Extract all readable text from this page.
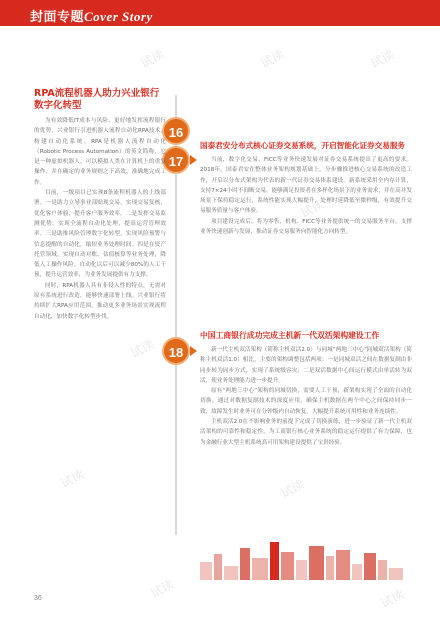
封面专题Cover Story
试读	试读	试读
试读	试读
试读	试读
试读	试读
试读	试读
16
17
18
RPA流程机器人助力兴业银行数字化转型

为有效降低IT成本与风险、更好地发挥流程银行的优势，兴业银行引进机器人流程自动化RPA技术，构建自动化系统。RPA是机器人流程自动化（Robotic Process Automation）的英文简称，它是一种虚拟机器人，可以模拟人类在计算机上的重复操作，并在确定的业务规则之下高效、准确地完成工作。

目前，一级项目已实现8条流程机器人的上线部署。一是助力立导事业部贴现交易，实现交易复核、优化客户体验，提升客户服务效率。二是发挥交易监测优势，实现全流程自动化处理，提高运营管理效率。三是助推风险管理数字化转型，实现风险预警与信息提醒的自动化，缩短业务处理时间。四是在资产托管领域，实现自动对账、估值核算等业务处理，降低人工操作风险。自动化以后可以减少80%的人工干预，提升运营效率，为业务发展提供有力支撑。

同时，RPA机器人具有非侵入性的特点，无需对原有系统进行改造，能够快速部署上线。兴业银行将持续扩大RPA应用范围，推动更多业务场景实现流程自动化，加快数字化转型步伐。

国泰君安分布式核心证券交易系统，开启智能化证券交易服务

当前，数字化交易、FICC等业务快速发展对证券交易系统提出了更高的要求。2018年，国泰君安在整体业务架构规划基础上，分步骤推进核心交易系统的改造工作，开启以分布式架构为代表的新一代证券交易体系建设。新系统采用全内存计算，支持7×24小时不间断交易，能够满足投资者在多样化场景下的业务需求，并在高并发场景下保持稳定运行，系统性能实现大幅提升，处理时延降低至微秒级，有效提升交易服务质量与客户体验。

项目建设完成后，将为零售、机构、FICC等业务提供统一的交易服务平台，支撑业务快速创新与发展，推动证券交易服务向智能化方向转型。

中国工商银行成功完成主机新一代双活架构建设工作

新一代主机双活架构（简称主机双活2.0）与同城“两地三中心”同城双活架构（简称主机双活1.0）相比，主要的架构调整包括两项：一是同城双活之间在数据复制由非同步转为同步方式，实现了系统级容灾；二是双活数据中心间运行模式由单活转为双活，使业务处理能力进一步提升。

原有“两地三中心”架构的同城切换，需要人工干预，新架构实现了全面的自动化切换。通过对数据复制技术的深度应用，确保主机数据在两个中心之间保持同步一致，故障发生时业务可在分钟级内自动恢复，大幅提升系统可用性和业务连续性。

主机双活2.0在不影响业务的前提下完成了切换演练，进一步验证了新一代主机双活架构的可靠性和稳定性，为工商银行核心业务系统的稳定运行提供了有力保障，也为金融行业大型主机系统高可用架构建设提供了宝贵经验。

36
